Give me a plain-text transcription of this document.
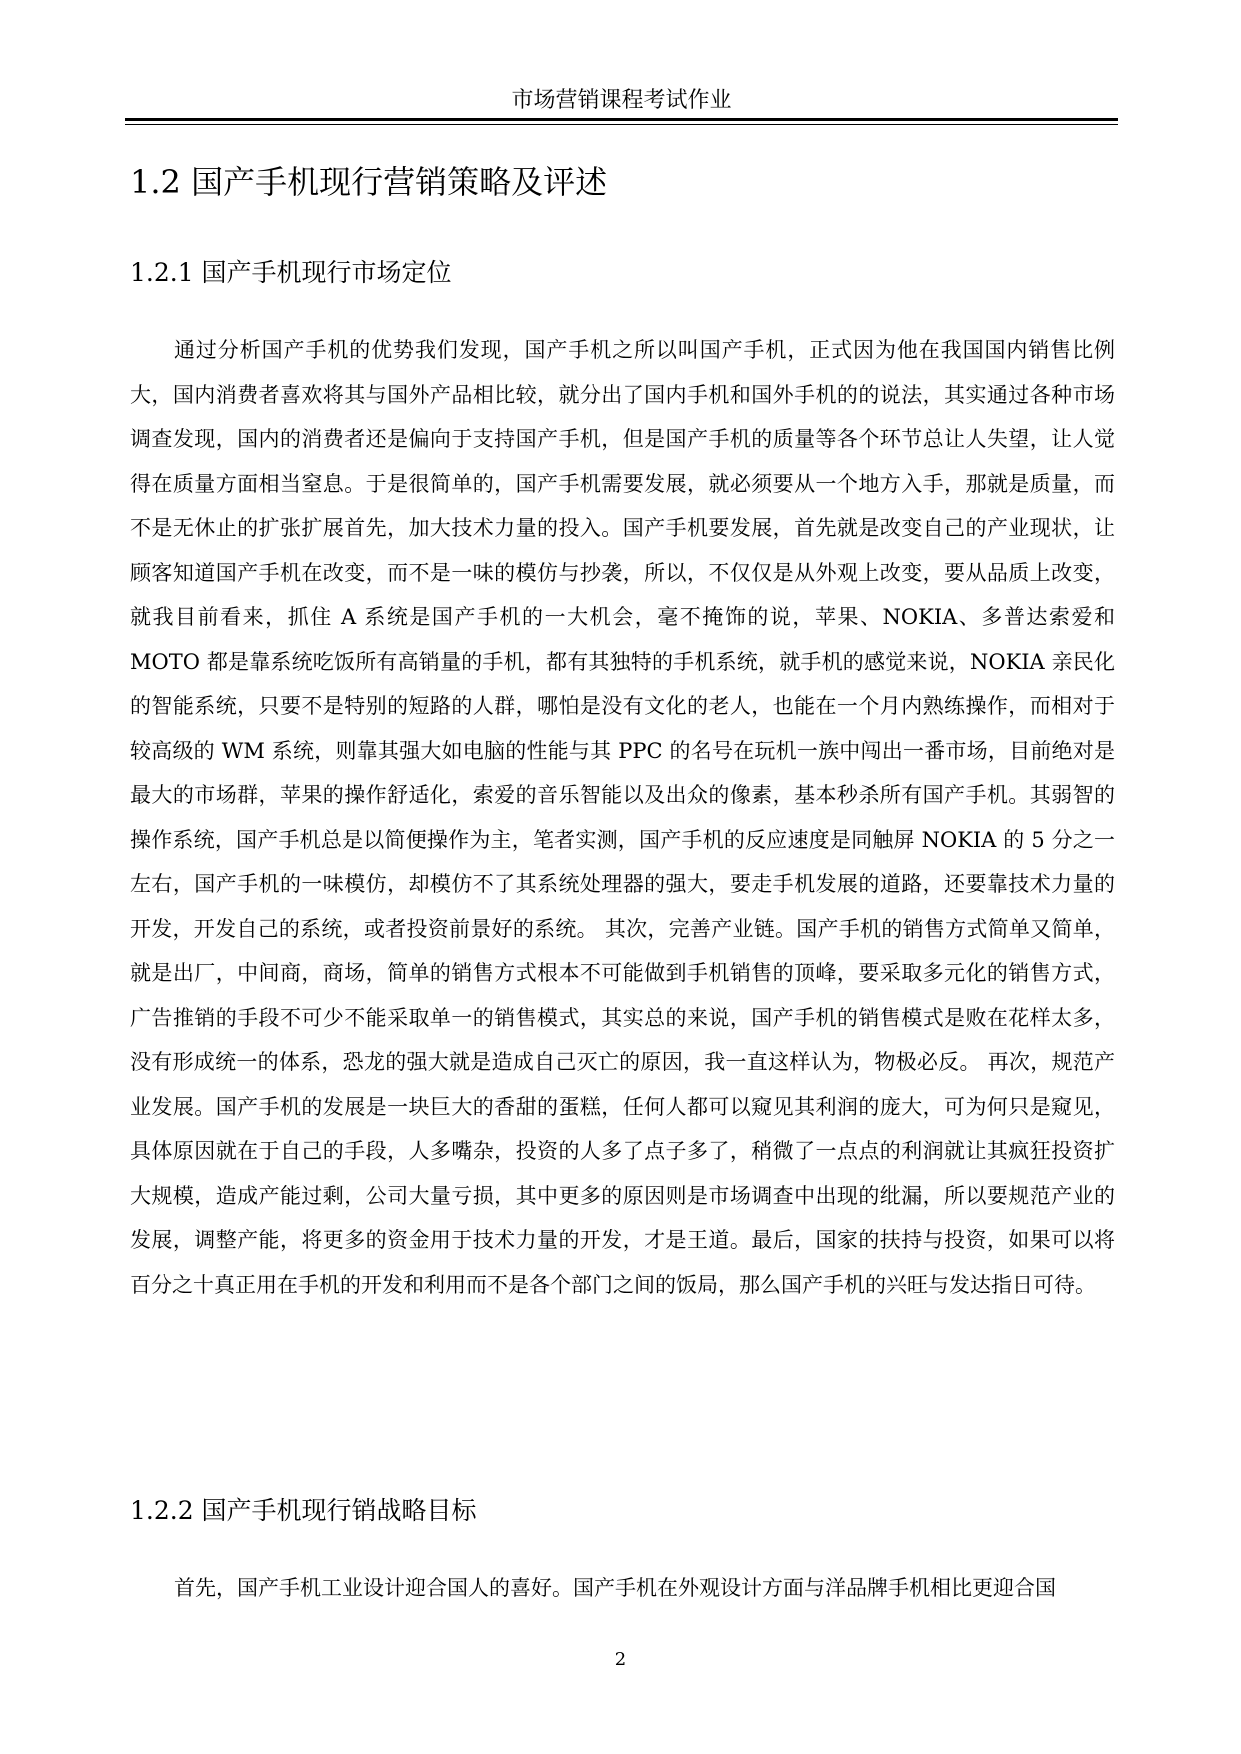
市场营销课程考试作业
1.2 国产手机现行营销策略及评述
1.2.1 国产手机现行市场定位
通过分析国产手机的优势我们发现，国产手机之所以叫国产手机，正式因为他在我国国内销售比例大，国内消费者喜欢将其与国外产品相比较，就分出了国内手机和国外手机的的说法，其实通过各种市场调查发现，国内的消费者还是偏向于支持国产手机，但是国产手机的质量等各个环节总让人失望，让人觉得在质量方面相当窒息。于是很简单的，国产手机需要发展，就必须要从一个地方入手，那就是质量，而不是无休止的扩张扩展首先，加大技术力量的投入。国产手机要发展，首先就是改变自己的产业现状，让顾客知道国产手机在改变，而不是一味的模仿与抄袭，所以，不仅仅是从外观上改变，要从品质上改变，就我目前看来，抓住 A 系统是国产手机的一大机会，毫不掩饰的说，苹果、NOKIA、多普达索爱和 MOTO 都是靠系统吃饭所有高销量的手机，都有其独特的手机系统，就手机的感觉来说，NOKIA 亲民化的智能系统，只要不是特别的短路的人群，哪怕是没有文化的老人，也能在一个月内熟练操作，而相对于较高级的 WM 系统，则靠其强大如电脑的性能与其 PPC 的名号在玩机一族中闯出一番市场，目前绝对是最大的市场群，苹果的操作舒适化，索爱的音乐智能以及出众的像素，基本秒杀所有国产手机。其弱智的操作系统，国产手机总是以简便操作为主，笔者实测，国产手机的反应速度是同触屏 NOKIA 的 5 分之一左右，国产手机的一味模仿，却模仿不了其系统处理器的强大，要走手机发展的道路，还要靠技术力量的开发，开发自己的系统，或者投资前景好的系统。 其次，完善产业链。国产手机的销售方式简单又简单，就是出厂，中间商，商场，简单的销售方式根本不可能做到手机销售的顶峰，要采取多元化的销售方式，广告推销的手段不可少不能采取单一的销售模式，其实总的来说，国产手机的销售模式是败在花样太多，没有形成统一的体系，恐龙的强大就是造成自己灭亡的原因，我一直这样认为，物极必反。 再次，规范产业发展。国产手机的发展是一块巨大的香甜的蛋糕，任何人都可以窥见其利润的庞大，可为何只是窥见，具体原因就在于自己的手段，人多嘴杂，投资的人多了点子多了，稍微了一点点的利润就让其疯狂投资扩大规模，造成产能过剩，公司大量亏损，其中更多的原因则是市场调查中出现的纰漏，所以要规范产业的发展，调整产能，将更多的资金用于技术力量的开发，才是王道。最后，国家的扶持与投资，如果可以将百分之十真正用在手机的开发和利用而不是各个部门之间的饭局，那么国产手机的兴旺与发达指日可待。
1.2.2 国产手机现行销战略目标
首先，国产手机工业设计迎合国人的喜好。国产手机在外观设计方面与洋品牌手机相比更迎合国
2
